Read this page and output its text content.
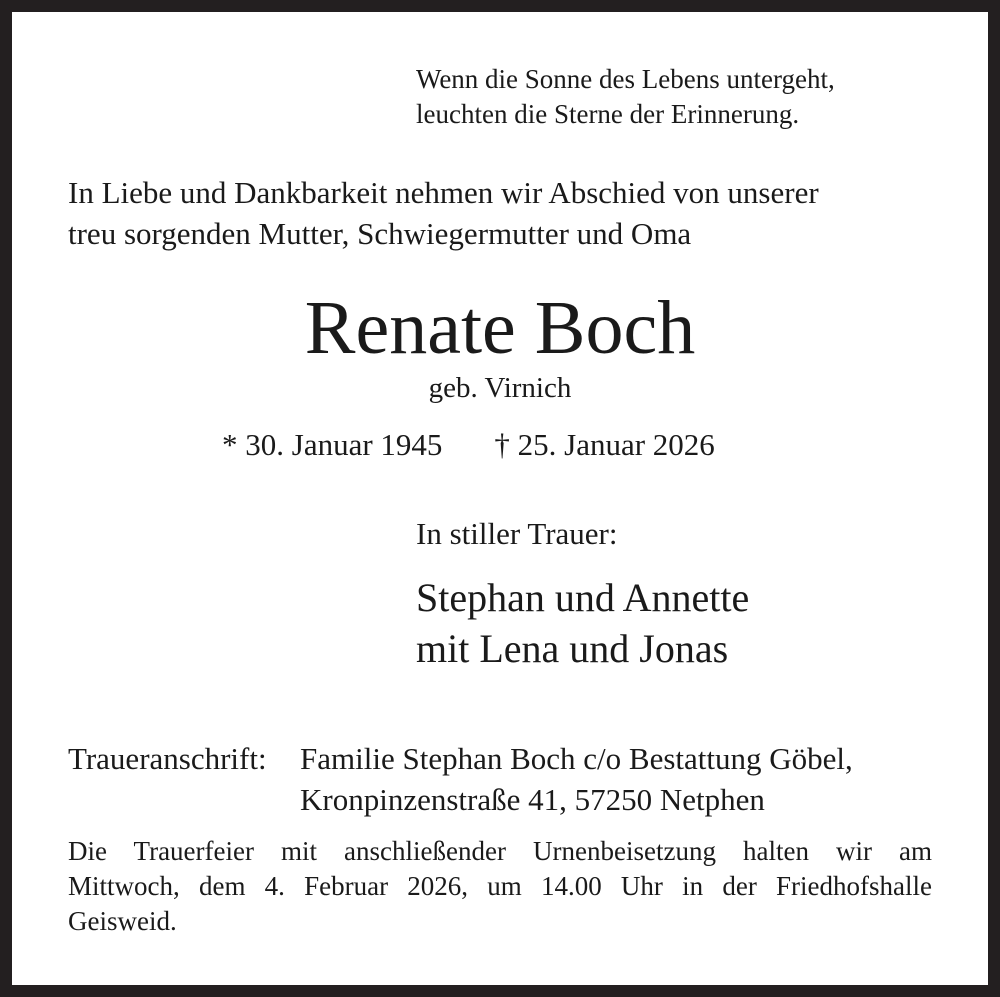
Wenn die Sonne des Lebens untergeht,
leuchten die Sterne der Erinnerung.
In Liebe und Dankbarkeit nehmen wir Abschied von unserer
treu sorgenden Mutter, Schwiegermutter und Oma
Renate Boch
geb. Virnich
* 30. Januar 1945 † 25. Januar 2026
In stiller Trauer:
Stephan und Annette
mit Lena und Jonas
Traueranschrift: Familie Stephan Boch c/o Bestattung Göbel,
Kronpinzenstraße 41, 57250 Netphen
Die Trauerfeier mit anschließender Urnenbeisetzung halten wir am
Mittwoch, dem 4. Februar 2026, um 14.00 Uhr in der Friedhofshalle
Geisweid.
